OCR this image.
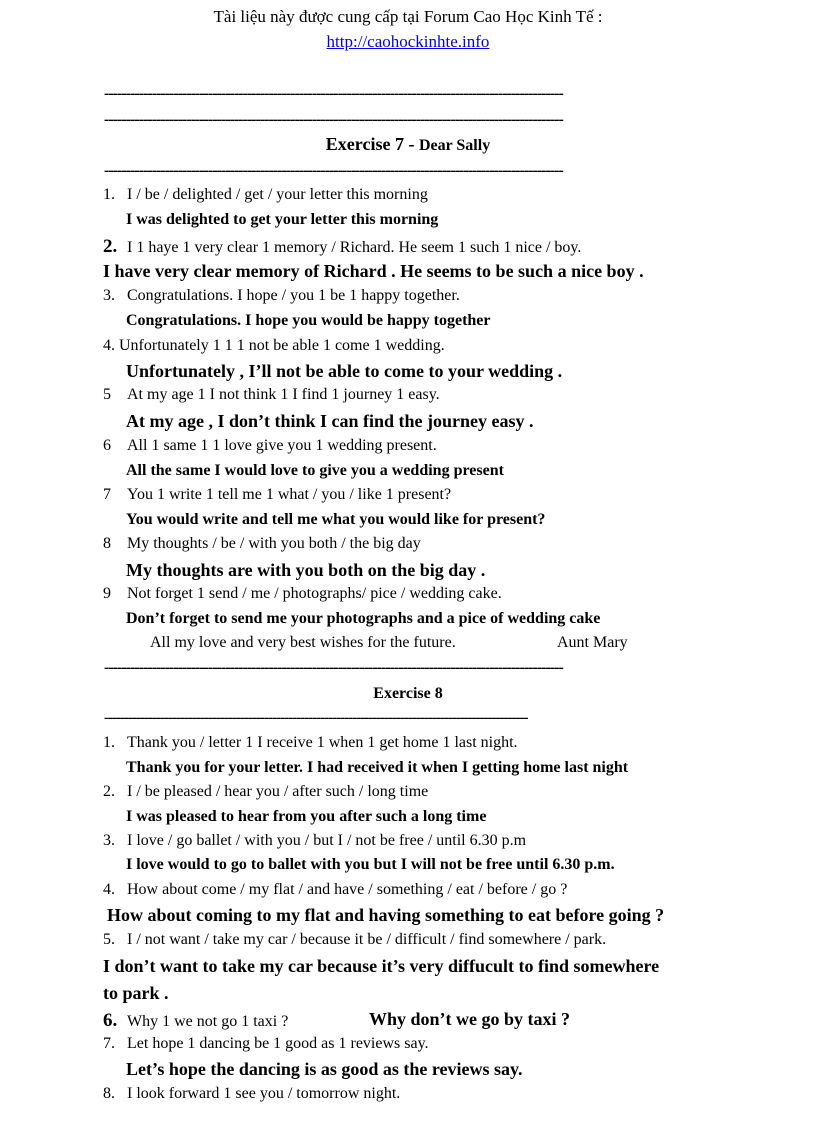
Tài liệu này được cung cấp tại Forum Cao Học Kinh Tế :
http://caohockinhte.info
----------------------------------------------------------------------------------------------------------
----------------------------------------------------------------------------------------------------------
Exercise 7 - Dear Sally
----------------------------------------------------------------------------------------------------------
1. I / be / delighted / get / your letter this morning
I was delighted to get your letter this morning
2. I 1 haye 1 very clear 1 memory / Richard. He seem 1 such 1 nice / boy.
I have very clear memory of Richard . He seems to be such a nice boy .
3. Congratulations. I hope / you 1 be 1 happy together.
Congratulations. I hope you would be happy together
4. Unfortunately 1 1 1 not be able 1 come 1 wedding.
Unfortunately , I’ll not be able to come to your wedding .
5 At my age 1 I not think 1 I find 1 journey 1 easy.
At my age , I don’t think I can find the journey easy .
6 All 1 same 1 1 love give you 1 wedding present.
All the same I would love to give you a wedding present
7 You 1 write 1 tell me 1 what / you / like 1 present?
You would write and tell me what you would like for present?
8 My thoughts / be / with you both / the big day
My thoughts are with you both on the big day .
9 Not forget 1 send / me / photographs/ pice / wedding cake.
Don’t forget to send me your photographs and a pice of wedding cake
All my love and very best wishes for the future.	Aunt Mary
----------------------------------------------------------------------------------------------------------
Exercise 8
----------------------------------------------------------------------------------------------------------
1. Thank you / letter 1 I receive 1 when 1 get home 1 last night.
Thank you for your letter. I had received it when I getting home last night
2. I / be pleased / hear you / after such / long time
I was pleased to hear from you after such a long time
3. I love / go ballet / with you / but I / not be free / until 6.30 p.m
I love would to go to ballet with you but I will not be free until 6.30 p.m.
4. How about come / my flat / and have / something / eat / before / go ?
How about coming to my flat and having something to eat before going ?
5. I / not want / take my car / because it be / difficult / find somewhere / park.
I don’t want to take my car because it’s very diffucult to find somewhere
to park .
6. Why 1 we not go 1 taxi ?	Why don’t we go by taxi ?
7. Let hope 1 dancing be 1 good as 1 reviews say.
Let’s hope the dancing is as good as the reviews say.
8. I look forward 1 see you / tomorrow night.
